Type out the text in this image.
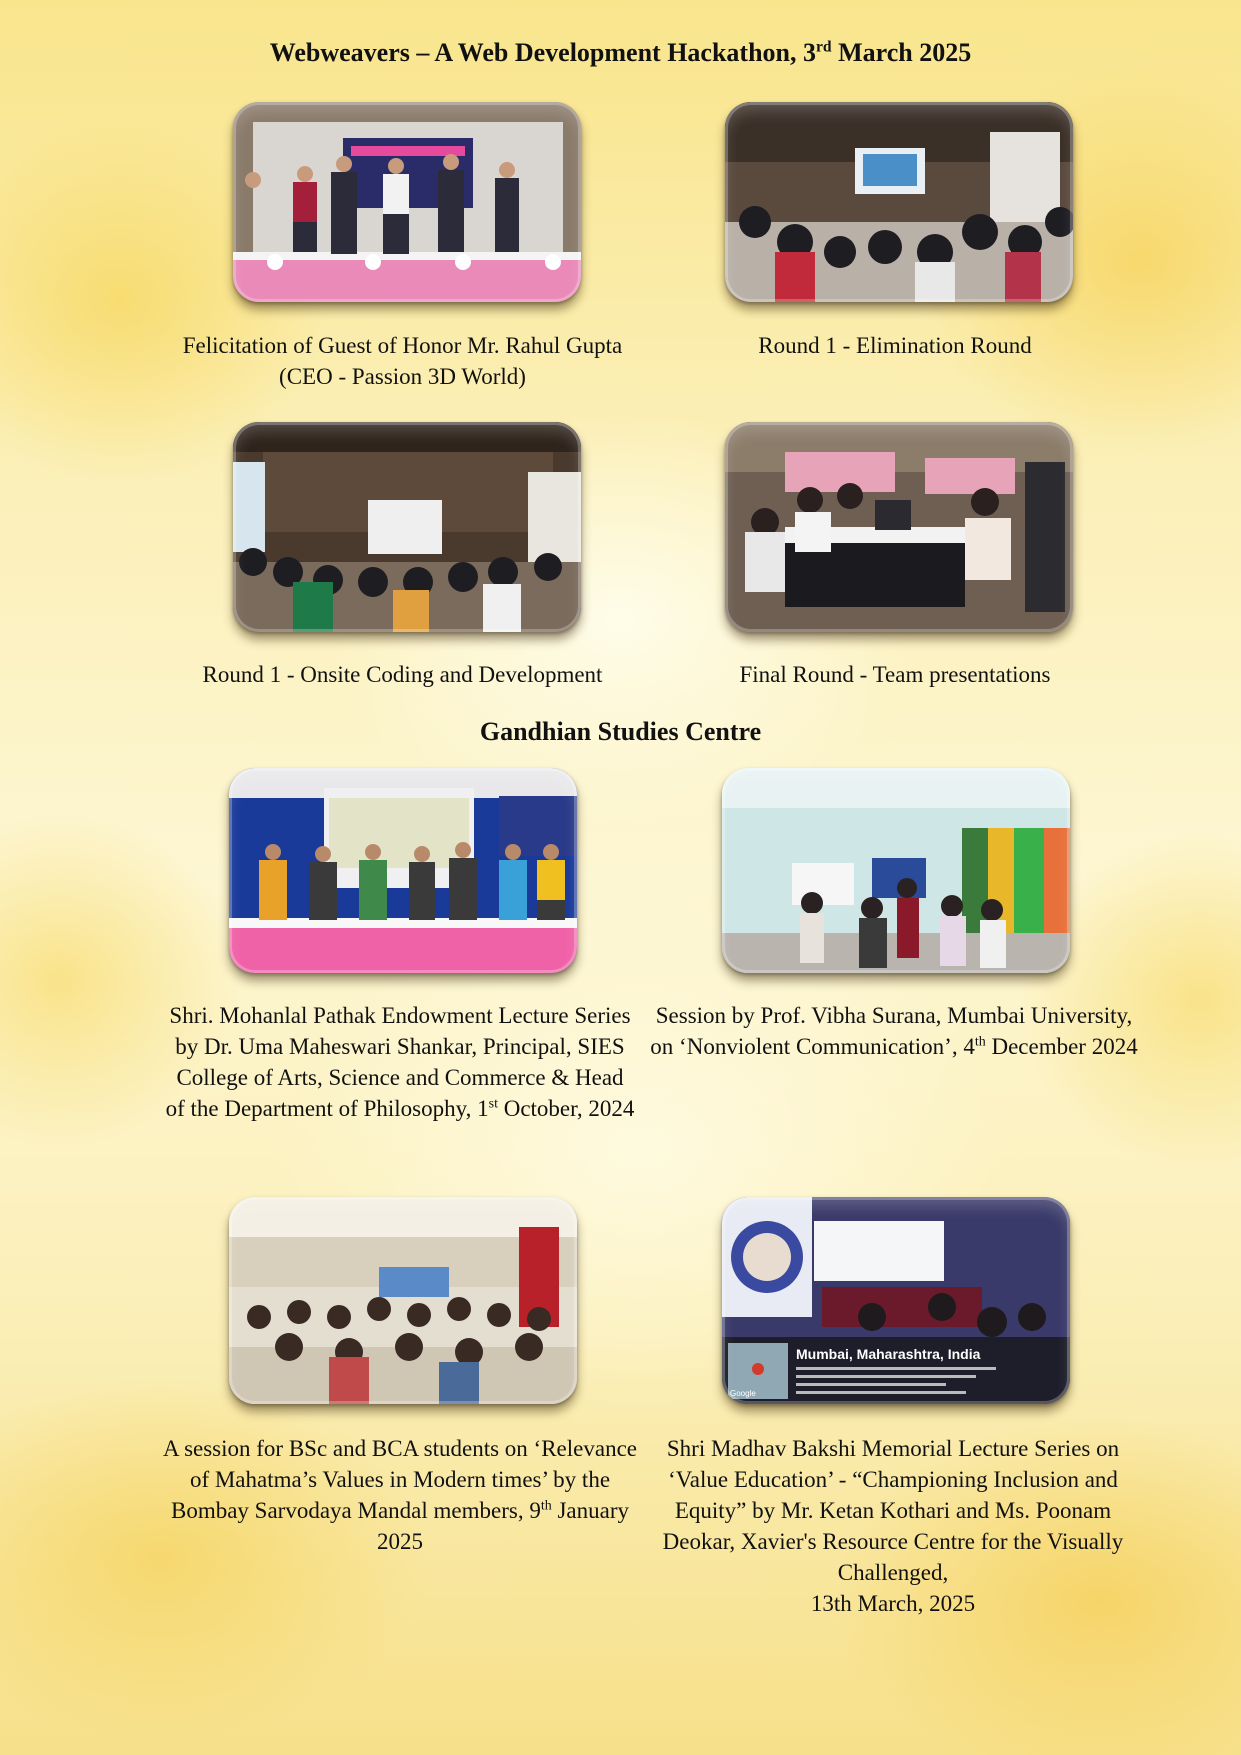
Webweavers – A Web Development Hackathon, 3rd March 2025

Felicitation of Guest of Honor Mr. Rahul Gupta (CEO - Passion 3D World)

Round 1 - Elimination Round

Round 1 - Onsite Coding and Development	Final Round - Team presentations

Gandhian Studies Centre

Shri. Mohanlal Pathak Endowment Lecture Series by Dr. Uma Maheswari Shankar, Principal, SIES College of Arts, Science and Commerce & Head of the Department of Philosophy, 1st October, 2024

Session by Prof. Vibha Surana, Mumbai University, on ‘Nonviolent Communication’, 4th December 2024

A session for BSc and BCA students on ‘Relevance of Mahatma’s Values in Modern times’ by the Bombay Sarvodaya Mandal members, 9th January 2025

Google
Mumbai, Maharashtra, India

Shri Madhav Bakshi Memorial Lecture Series on ‘Value Education’ - “Championing Inclusion and Equity” by Mr. Ketan Kothari and Ms. Poonam Deokar, Xavier's Resource Centre for the Visually Challenged,
13th March, 2025
